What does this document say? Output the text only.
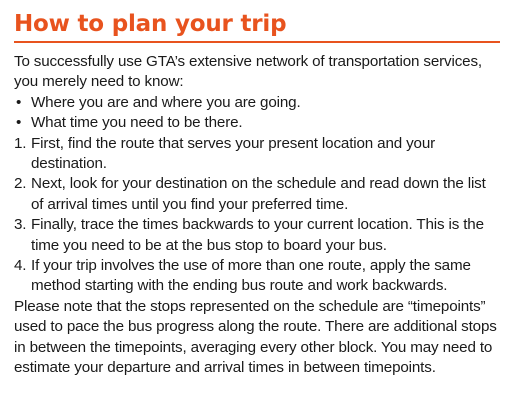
How to plan your trip

To successfully use GTA’s extensive network of transportation services, you merely need to know:

• Where you are and where you are going.
• What time you need to be there.
1. First, find the route that serves your present location and your destination.
2. Next, look for your destination on the schedule and read down the list of arrival times until you find your preferred time.
3. Finally, trace the times backwards to your current location. This is the time you need to be at the bus stop to board your bus.
4. If your trip involves the use of more than one route, apply the same method starting with the ending bus route and work backwards.

Please note that the stops represented on the schedule are “timepoints” used to pace the bus progress along the route. There are additional stops in between the timepoints, averaging every other block. You may need to estimate your departure and arrival times in between timepoints.
